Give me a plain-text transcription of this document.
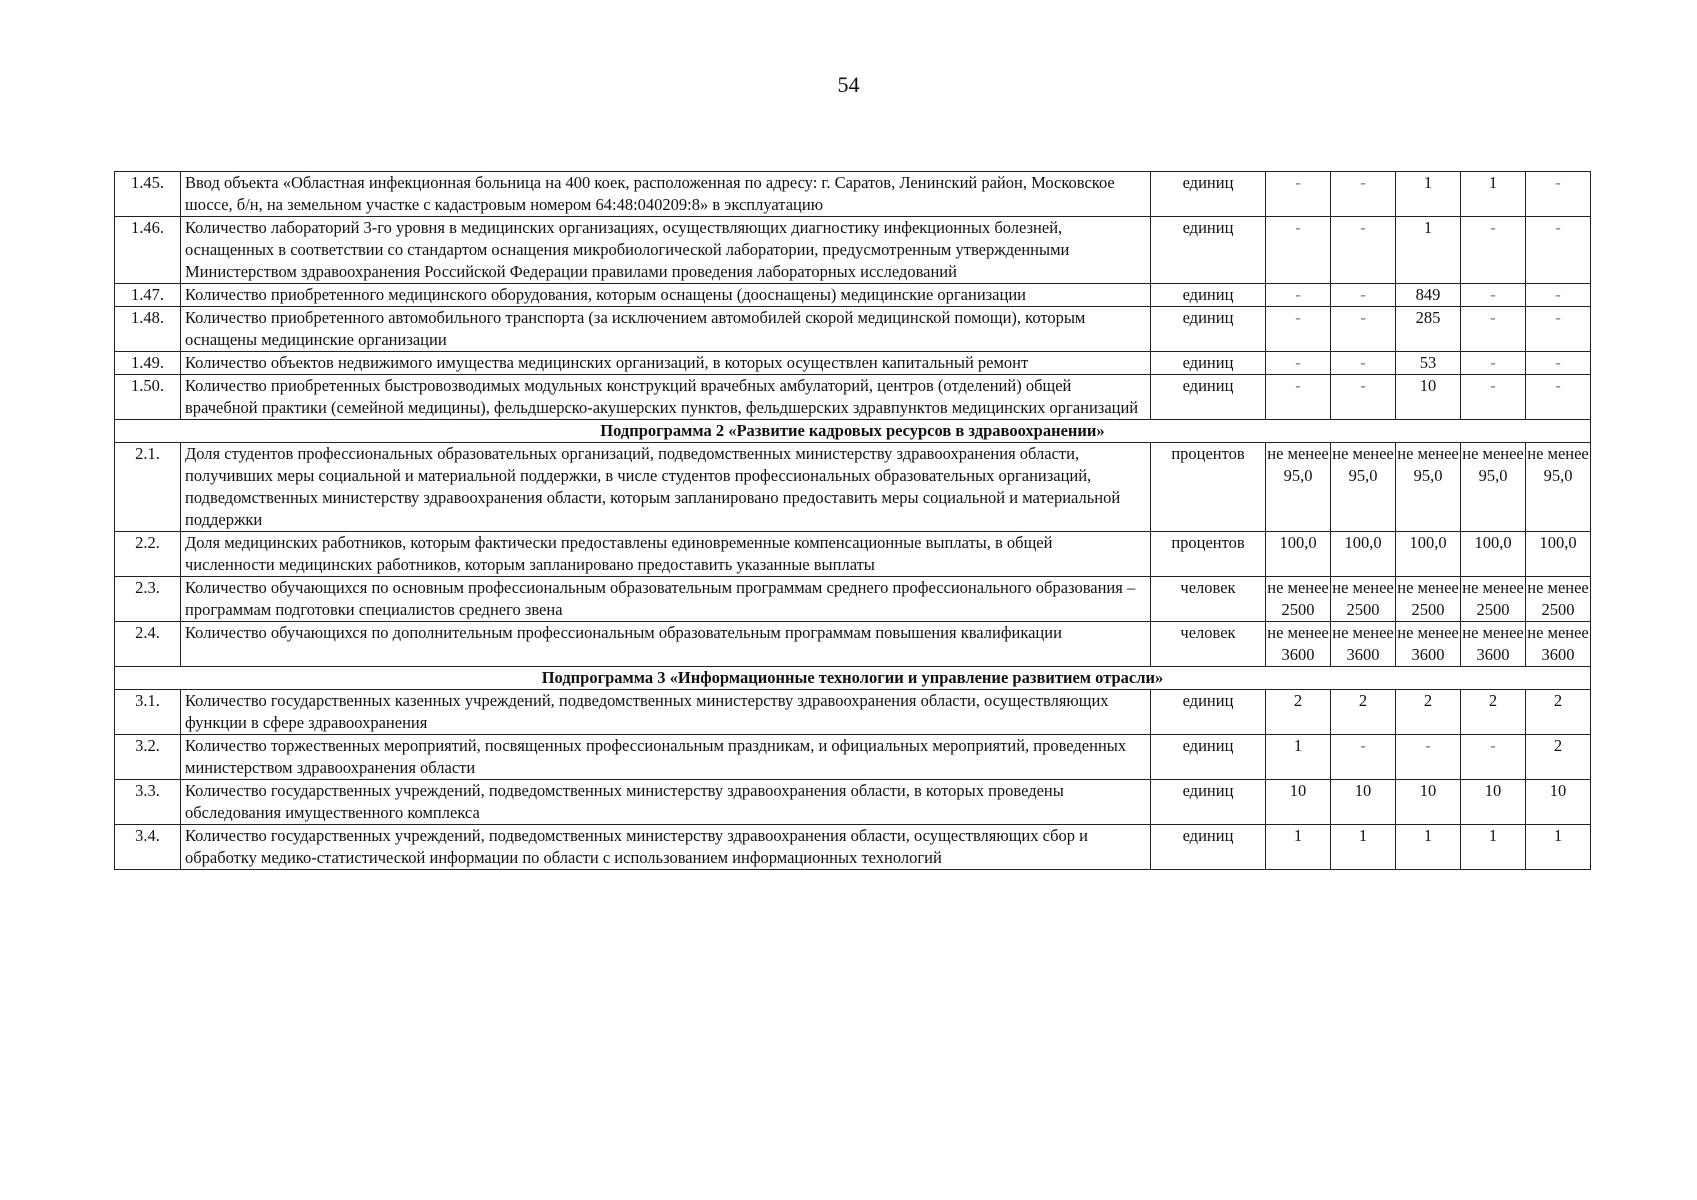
54
1.45.	Ввод объекта «Областная инфекционная больница на 400 коек, расположенная по адресу: г. Саратов, Ленинский район, Московское шоссе, б/н, на земельном участке с кадастровым номером 64:48:040209:8» в эксплуатацию	единиц	-	-	1	1	-
1.46.	Количество лабораторий 3-го уровня в медицинских организациях, осуществляющих диагностику инфекционных болезней, оснащенных в соответствии со стандартом оснащения микробиологической лаборатории, предусмотренным утвержденными Министерством здравоохранения Российской Федерации правилами проведения лабораторных исследований	единиц	-	-	1	-	-
1.47.	Количество приобретенного медицинского оборудования, которым оснащены (дооснащены) медицинские организации	единиц	-	-	849	-	-
1.48.	Количество приобретенного автомобильного транспорта (за исключением автомобилей скорой медицинской помощи), которым оснащены медицинские организации	единиц	-	-	285	-	-
1.49.	Количество объектов недвижимого имущества медицинских организаций, в которых осуществлен капитальный ремонт	единиц	-	-	53	-	-
1.50.	Количество приобретенных быстровозводимых модульных конструкций врачебных амбулаторий, центров (отделений) общей врачебной практики (семейной медицины), фельдшерско-акушерских пунктов, фельдшерских здравпунктов медицинских организаций	единиц	-	-	10	-	-
Подпрограмма 2 «Развитие кадровых ресурсов в здравоохранении»							
2.1.	Доля студентов профессиональных образовательных организаций, подведомственных министерству здравоохранения области, получивших меры социальной и материальной поддержки, в числе студентов профессиональных образовательных организаций, подведомственных министерству здравоохранения области, которым запланировано предоставить меры социальной и материальной поддержки	процентов	не менее 95,0	не менее 95,0	не менее 95,0	не менее 95,0	не менее 95,0
2.2.	Доля медицинских работников, которым фактически предоставлены единовременные компенсационные выплаты, в общей численности медицинских работников, которым запланировано предоставить указанные выплаты	процентов	100,0	100,0	100,0	100,0	100,0
2.3.	Количество обучающихся по основным профессиональным образовательным программам среднего профессионального образования – программам подготовки специалистов среднего звена	человек	не менее 2500	не менее 2500	не менее 2500	не менее 2500	не менее 2500
2.4.	Количество обучающихся по дополнительным профессиональным образовательным программам повышения квалификации	человек	не менее 3600	не менее 3600	не менее 3600	не менее 3600	не менее 3600
Подпрограмма 3 «Информационные технологии и управление развитием отрасли»							
3.1.	Количество государственных казенных учреждений, подведомственных министерству здравоохранения области, осуществляющих функции в сфере здравоохранения	единиц	2	2	2	2	2
3.2.	Количество торжественных мероприятий, посвященных профессиональным праздникам, и официальных мероприятий, проведенных министерством здравоохранения области	единиц	1	-	-	-	2
3.3.	Количество государственных учреждений, подведомственных министерству здравоохранения области, в которых проведены обследования имущественного комплекса	единиц	10	10	10	10	10
3.4.	Количество государственных учреждений, подведомственных министерству здравоохранения области, осуществляющих сбор и обработку медико-статистической информации по области с использованием информационных технологий	единиц	1	1	1	1	1
